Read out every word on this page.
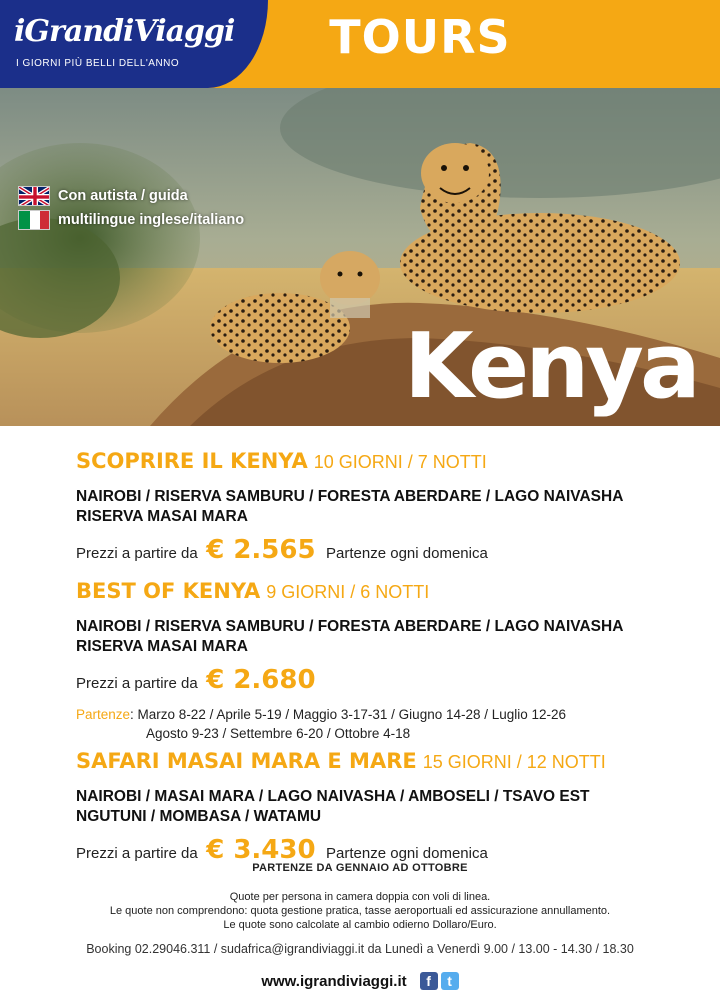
iGrandiViaggi
I GIORNI PIÙ BELLI DELL'ANNO	TOURS
Con autista / guida
multilingue inglese/italiano
Kenya
SCOPRIRE IL KENYA 10 GIORNI / 7 NOTTI
NAIROBI / RISERVA SAMBURU / FORESTA ABERDARE / LAGO NAIVASHA
RISERVA MASAI MARA
Prezzi a partire da € 2.565 Partenze ogni domenica
BEST OF KENYA 9 GIORNI / 6 NOTTI
NAIROBI / RISERVA SAMBURU / FORESTA ABERDARE / LAGO NAIVASHA
RISERVA MASAI MARA
Prezzi a partire da € 2.680
Partenze: Marzo 8-22 / Aprile 5-19 / Maggio 3-17-31 / Giugno 14-28 / Luglio 12-26
Agosto 9-23 / Settembre 6-20 / Ottobre 4-18
SAFARI MASAI MARA E MARE 15 GIORNI / 12 NOTTI
NAIROBI / MASAI MARA / LAGO NAIVASHA / AMBOSELI / TSAVO EST
NGUTUNI / MOMBASA / WATAMU
Prezzi a partire da € 3.430 Partenze ogni domenica
PARTENZE DA GENNAIO AD OTTOBRE
Quote per persona in camera doppia con voli di linea.
Le quote non comprendono: quota gestione pratica, tasse aeroportuali ed assicurazione annullamento.
Le quote sono calcolate al cambio odierno Dollaro/Euro.
Booking 02.29046.311 / sudafrica@igrandiviaggi.it da Lunedì a Venerdì 9.00 / 13.00 - 14.30 / 18.30
www.igrandiviaggi.it	f	t
